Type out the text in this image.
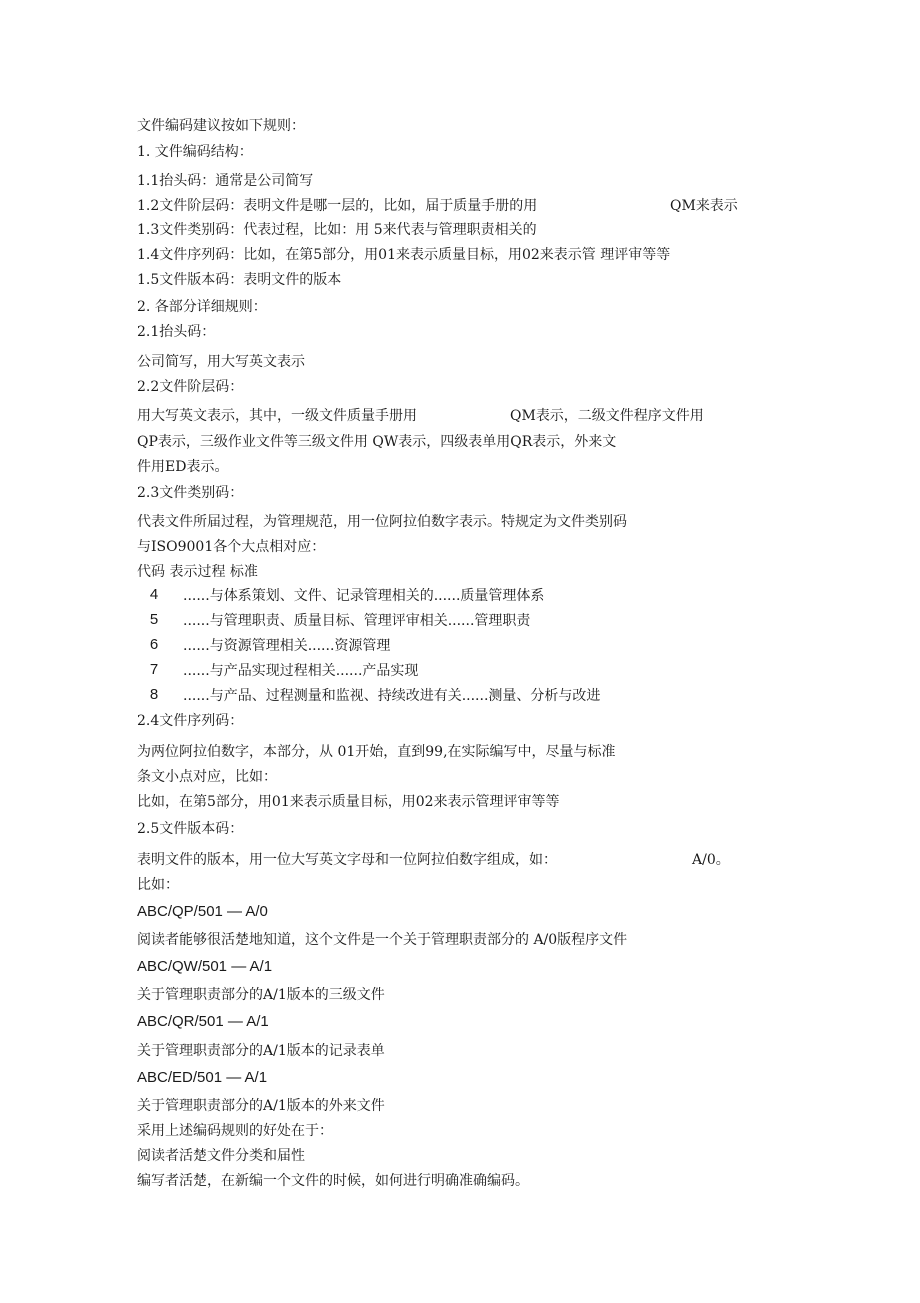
文件编码建议按如下规则：
1. 文件编码结构：
1.1抬头码：通常是公司简写
1.2文件阶层码：表明文件是哪一层的，比如，届于质量手册的用	QM来表示
1.3文件类别码：代表过程，比如：用 5来代表与管理职责相关的
1.4文件序列码：比如，在第5部分，用01来表示质量目标，用02来表示管 理评审等等
1.5文件版本码：表明文件的版本
2. 各部分详细规则：
2.1抬头码：
公司简写，用大写英文表示
2.2文件阶层码：
用大写英文表示，其中，一级文件质量手册用	QM表示，二级文件程序文件用
QP表示，三级作业文件等三级文件用 QW表示，四级表单用QR表示，外来文
件用ED表示。
2.3文件类别码：
代表文件所届过程，为管理规范，用一位阿拉伯数字表示。特规定为文件类别码
与ISO9001各个大点相对应：
代码 表示过程 标准
4 ......与体系策划、文件、记录管理相关的......质量管理体系
5 ......与管理职责、质量目标、管理评审相关......管理职责
6 ......与资源管理相关......资源管理
7 ......与产品实现过程相关......产品实现
8 ......与产品、过程测量和监视、持续改进有关......测量、分析与改进
2.4文件序列码：
为两位阿拉伯数字，本部分，从 01开始，直到99,在实际编写中，尽量与标准
条文小点对应，比如：
比如，在第5部分，用01来表示质量目标，用02来表示管理评审等等
2.5文件版本码：
表明文件的版本，用一位大写英文字母和一位阿拉伯数字组成，如：	A/0。
比如：
ABC/QP/501 — A/0
阅读者能够很活楚地知道，这个文件是一个关于管理职责部分的 A/0版程序文件
ABC/QW/501 — A/1
关于管理职责部分的A/1版本的三级文件
ABC/QR/501 — A/1
关于管理职责部分的A/1版本的记录表单
ABC/ED/501 — A/1
关于管理职责部分的A/1版本的外来文件
采用上述编码规则的好处在于：
阅读者活楚文件分类和届性
编写者活楚，在新编一个文件的时候，如何进行明确准确编码。
